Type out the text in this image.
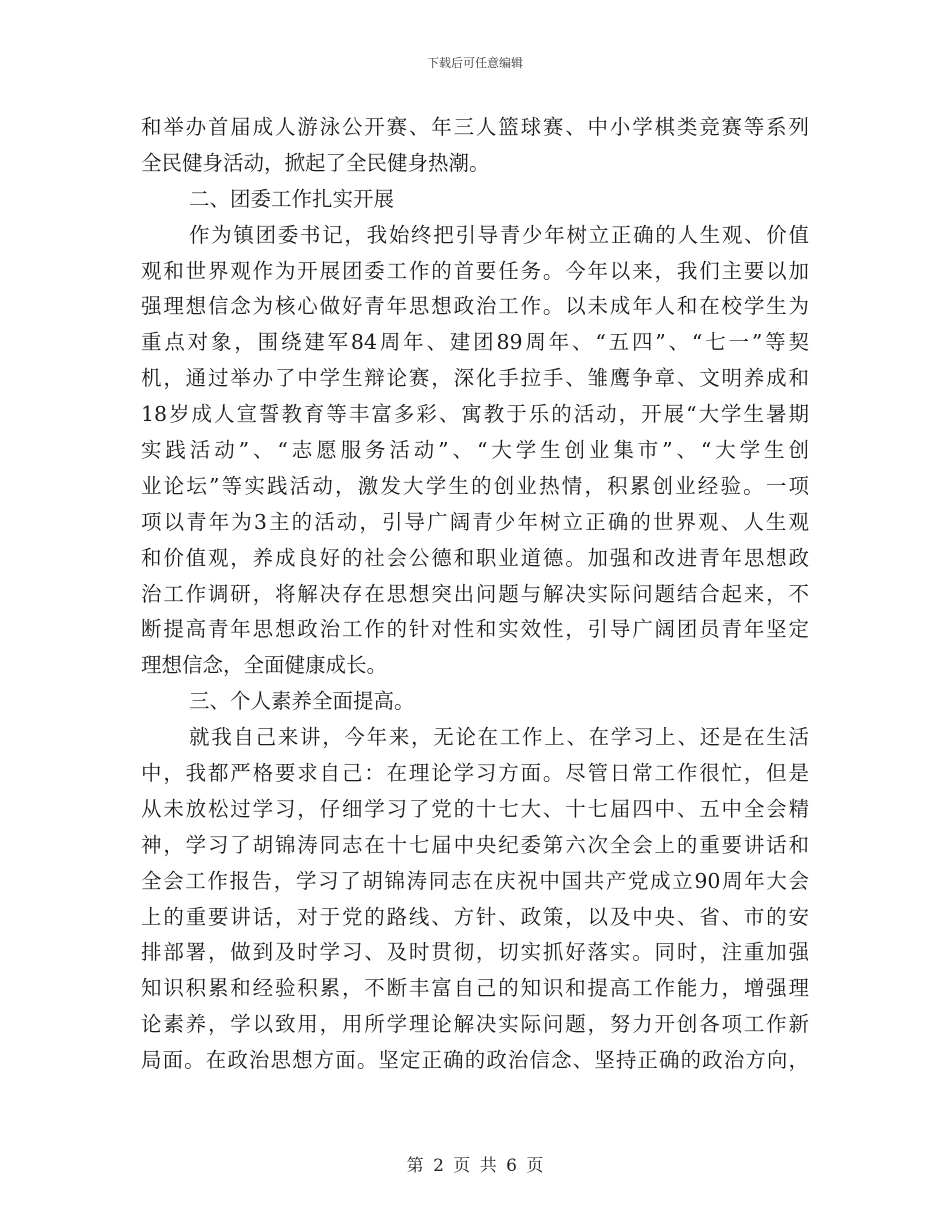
下载后可任意编辑
和举办首届成人游泳公开赛、年三人篮球赛、中小学棋类竞赛等系列
全民健身活动，掀起了全民健身热潮。
二、团委工作扎实开展
作为镇团委书记，我始终把引导青少年树立正确的人生观、价值
观和世界观作为开展团委工作的首要任务。今年以来，我们主要以加
强理想信念为核心做好青年思想政治工作。以未成年人和在校学生为
重点对象，围绕建军84周年、建团89周年、“五四”、“七一”等契
机，通过举办了中学生辩论赛，深化手拉手、雏鹰争章、文明养成和
18岁成人宣誓教育等丰富多彩、寓教于乐的活动，开展“大学生暑期
实践活动”、“志愿服务活动”、“大学生创业集市”、“大学生创
业论坛”等实践活动，激发大学生的创业热情，积累创业经验。一项
项以青年为3主的活动，引导广阔青少年树立正确的世界观、人生观
和价值观，养成良好的社会公德和职业道德。加强和改进青年思想政
治工作调研，将解决存在思想突出问题与解决实际问题结合起来，不
断提高青年思想政治工作的针对性和实效性，引导广阔团员青年坚定
理想信念，全面健康成长。
三、个人素养全面提高。
就我自己来讲，今年来，无论在工作上、在学习上、还是在生活
中，我都严格要求自己：在理论学习方面。尽管日常工作很忙，但是
从未放松过学习，仔细学习了党的十七大、十七届四中、五中全会精
神，学习了胡锦涛同志在十七届中央纪委第六次全会上的重要讲话和
全会工作报告，学习了胡锦涛同志在庆祝中国共产党成立90周年大会
上的重要讲话，对于党的路线、方针、政策，以及中央、省、市的安
排部署，做到及时学习、及时贯彻，切实抓好落实。同时，注重加强
知识积累和经验积累，不断丰富自己的知识和提高工作能力，增强理
论素养，学以致用，用所学理论解决实际问题，努力开创各项工作新
局面。在政治思想方面。坚定正确的政治信念、坚持正确的政治方向，
第 2 页 共 6 页
